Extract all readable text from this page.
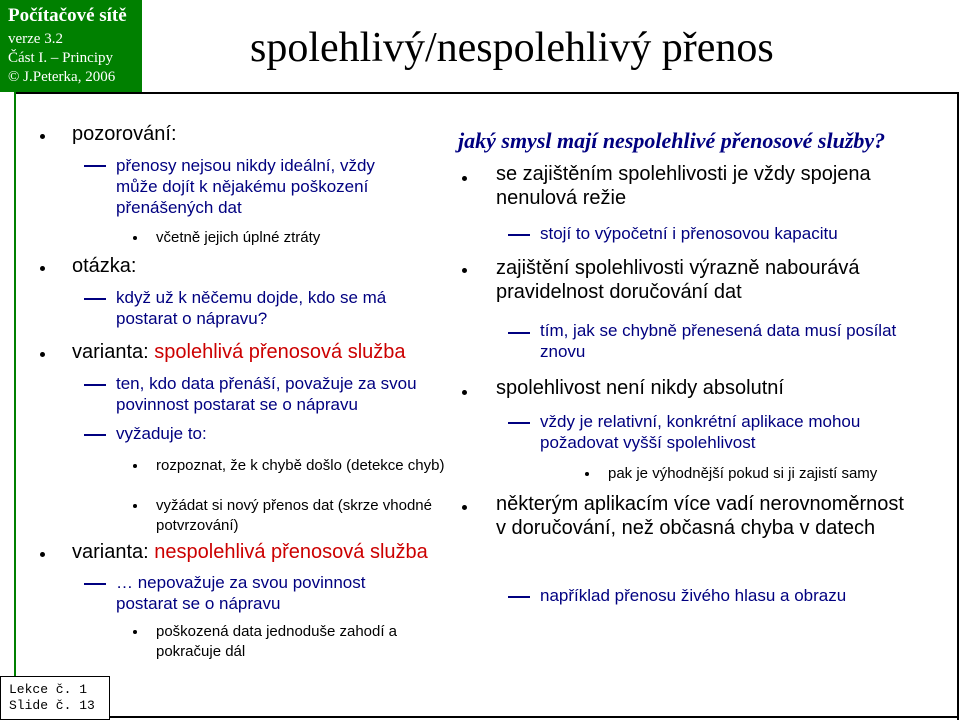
Počítačové sítě
verze 3.2
Část I. – Principy
© J.Peterka, 2006
spolehlivý/nespolehlivý přenos
pozorování:
přenosy nejsou nikdy ideální, vždy může dojít k nějakému poškození přenášených dat
včetně jejich úplné ztráty
otázka:
když už k něčemu dojde, kdo se má postarat o nápravu?
varianta: spolehlivá přenosová služba
ten, kdo data přenáší, považuje za svou povinnost postarat se o nápravu
vyžaduje to:
rozpoznat, že k chybě došlo (detekce chyb)
vyžádat si nový přenos dat (skrze vhodné potvrzování)
varianta: nespolehlivá přenosová služba
… nepovažuje za svou povinnost postarat se o nápravu
poškozená data jednoduše zahodí a pokračuje dál
jaký smysl mají nespolehlivé přenosové služby?
se zajištěním spolehlivosti je vždy spojena nenulová režie
stojí to výpočetní i přenosovou kapacitu
zajištění spolehlivosti výrazně nabourává pravidelnost doručování dat
tím, jak se chybně přenesená data musí posílat znovu
spolehlivost není nikdy absolutní
vždy je relativní, konkrétní aplikace mohou požadovat vyšší spolehlivost
pak je výhodnější pokud si ji zajistí samy
některým aplikacím více vadí nerovnoměrnost v doručování, než občasná chyba v datech
například přenosu živého hlasu a obrazu
Lekce č. 1
Slide č. 13
